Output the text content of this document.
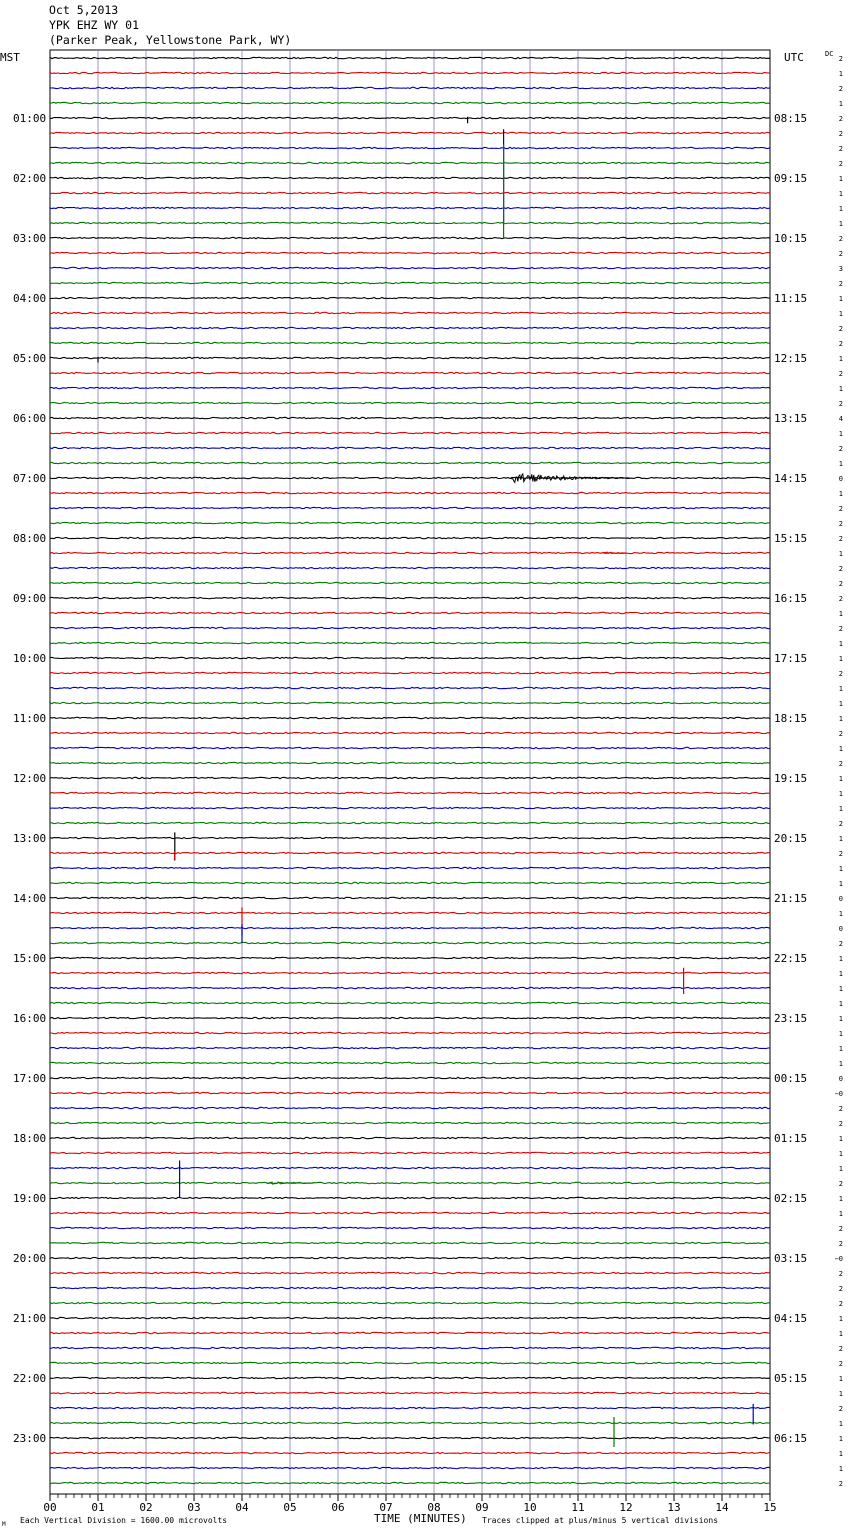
Oct 5,2013
YPK EHZ WY 01
(Parker Peak, Yellowstone Park, WY)
01:00
02:00
03:00
04:00
05:00
06:00
07:00
08:00
09:00
10:00
11:00
12:00
13:00
14:00
15:00
16:00
17:00
18:00
19:00
20:00
21:00
22:00
23:00
08:15
09:15
10:15
11:15
12:15
13:15
14:15
15:15
16:15
17:15
18:15
19:15
20:15
21:15
22:15
23:15
00:15
01:15
02:15
03:15
04:15
05:15
06:15
2
1
2
1
2
2
2
2
1
1
1
1
2
2
3
2
1
1
2
2
1
2
1
2
4
1
2
1
0
1
2
2
2
1
2
2
2
1
2
1
1
2
1
1
1
2
1
2
1
1
1
2
1
2
1
1
0
1
0
2
1
1
1
1
1
1
1
1
0
−0
2
2
1
1
1
2
1
1
2
2
−0
2
2
2
1
1
2
2
1
1
2
1
1
1
1
2
00	01	02	03	04	05	06	07	08	09	10	11	12	13	14	15
MST	UTC	DC
TIME (MINUTES)
Each Vertical Division = 1600.00 microvolts	Traces clipped at plus/minus 5 vertical divisions
M
